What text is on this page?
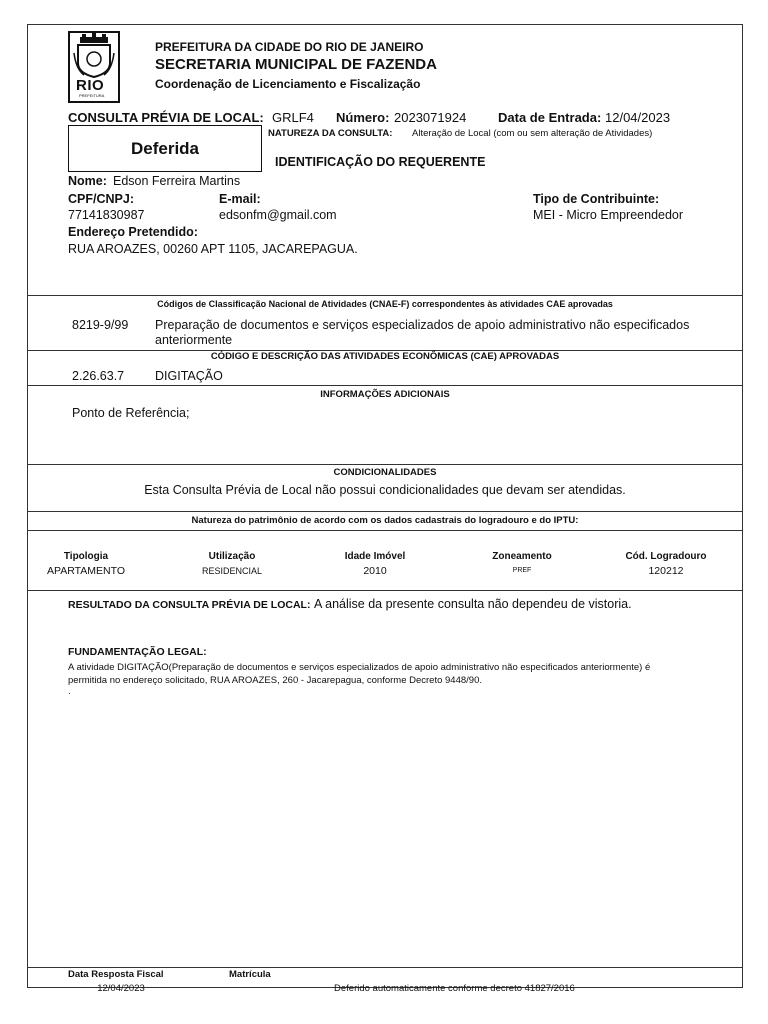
RIO
PREFEITURA
PREFEITURA DA CIDADE DO RIO DE JANEIRO
SECRETARIA MUNICIPAL DE FAZENDA
Coordenação de Licenciamento e Fiscalização
CONSULTA PRÉVIA DE LOCAL: GRLF4 Número: 2023071924 Data de Entrada: 12/04/2023
NATUREZA DA CONSULTA: Alteração de Local (com ou sem alteração de Atividades)
Deferida
IDENTIFICAÇÃO DO REQUERENTE
Nome: Edson Ferreira Martins
CPF/CNPJ:
77141830987
E-mail:
edsonfm@gmail.com
Tipo de Contribuinte:
MEI - Micro Empreendedor
Endereço Pretendido:
RUA AROAZES, 00260 APT 1105, JACAREPAGUA.
Códigos de Classificação Nacional de Atividades (CNAE-F) correspondentes às atividades CAE aprovadas
8219-9/99 Preparação de documentos e serviços especializados de apoio administrativo não especificados
anteriormente
CÓDIGO E DESCRIÇÃO DAS ATIVIDADES ECONÔMICAS (CAE) APROVADAS
2.26.63.7 DIGITAÇÃO
INFORMAÇÕES ADICIONAIS
Ponto de Referência;
CONDICIONALIDADES
Esta Consulta Prévia de Local não possui condicionalidades que devam ser atendidas.
Natureza do patrimônio de acordo com os dados cadastrais do logradouro e do IPTU:
Tipologia
APARTAMENTO
Utilização
RESIDENCIAL
Idade Imóvel
2010
Zoneamento
PREF
Cód. Logradouro
120212
RESULTADO DA CONSULTA PRÉVIA DE LOCAL: A análise da presente consulta não dependeu de vistoria.
FUNDAMENTAÇÃO LEGAL:
A atividade DIGITAÇÃO(Preparação de documentos e serviços especializados de apoio administrativo não especificados anteriormente) é
permitida no endereço solicitado, RUA AROAZES, 260 - Jacarepagua, conforme Decreto 9448/90.
.
Data Resposta Fiscal
12/04/2023
Matrícula
Deferido automaticamente conforme decreto 41827/2016
